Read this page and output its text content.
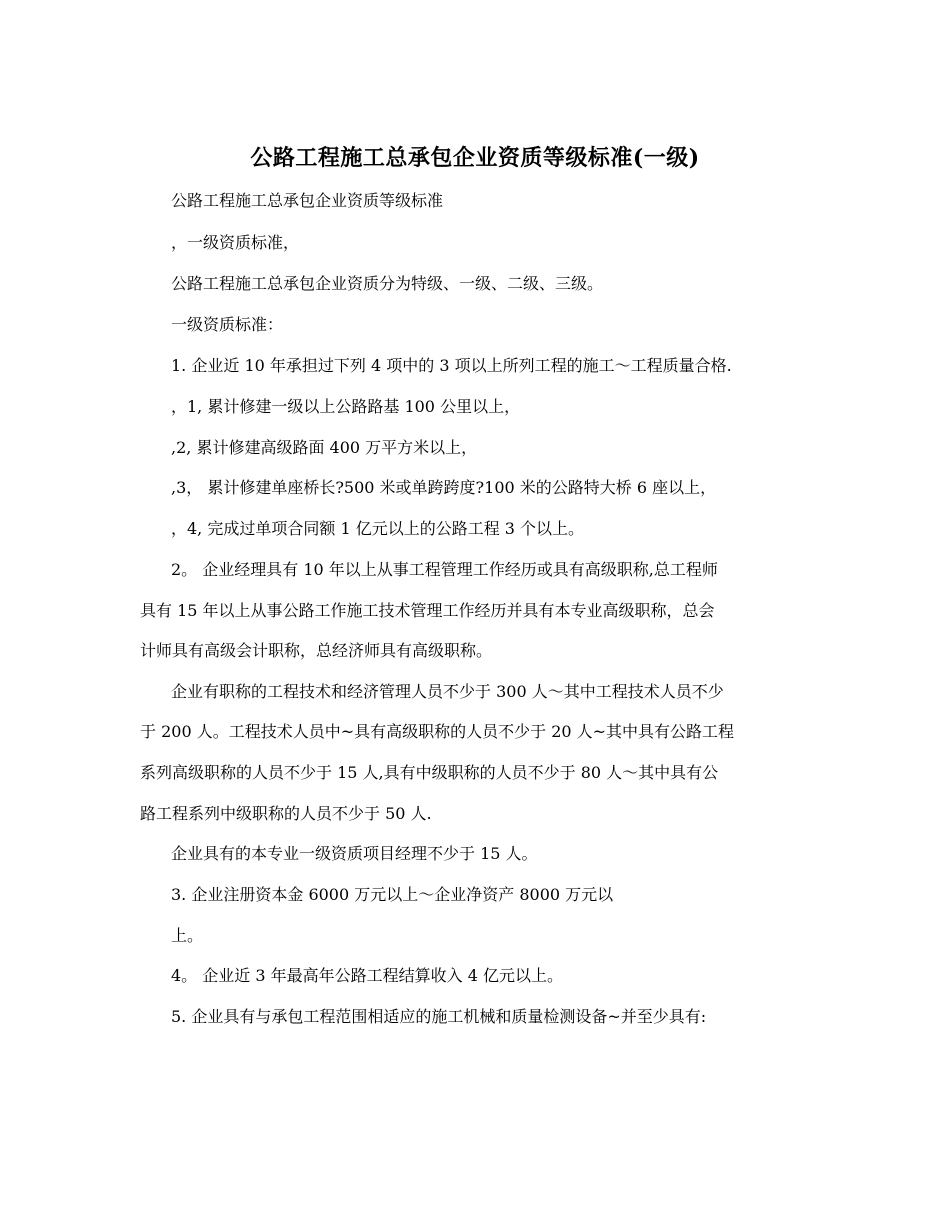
公路工程施工总承包企业资质等级标准(一级)
公路工程施工总承包企业资质等级标准
，一级资质标准，
公路工程施工总承包企业资质分为特级、一级、二级、三级。
一级资质标准：
1. 企业近 10 年承担过下列 4 项中的 3 项以上所列工程的施工～工程质量合格.
，1, 累计修建一级以上公路路基 100 公里以上，
,2, 累计修建高级路面 400 万平方米以上，
,3， 累计修建单座桥长?500 米或单跨跨度?100 米的公路特大桥 6 座以上，
，4, 完成过单项合同额 1 亿元以上的公路工程 3 个以上。
2。 企业经理具有 10 年以上从事工程管理工作经历或具有高级职称,总工程师
具有 15 年以上从事公路工作施工技术管理工作经历并具有本专业高级职称，总会
计师具有高级会计职称，总经济师具有高级职称。
企业有职称的工程技术和经济管理人员不少于 300 人～其中工程技术人员不少
于 200 人。工程技术人员中~具有高级职称的人员不少于 20 人~其中具有公路工程
系列高级职称的人员不少于 15 人,具有中级职称的人员不少于 80 人～其中具有公
路工程系列中级职称的人员不少于 50 人.
企业具有的本专业一级资质项目经理不少于 15 人。
3. 企业注册资本金 6000 万元以上～企业净资产 8000 万元以
上。
4。 企业近 3 年最高年公路工程结算收入 4 亿元以上。
5. 企业具有与承包工程范围相适应的施工机械和质量检测设备~并至少具有:
